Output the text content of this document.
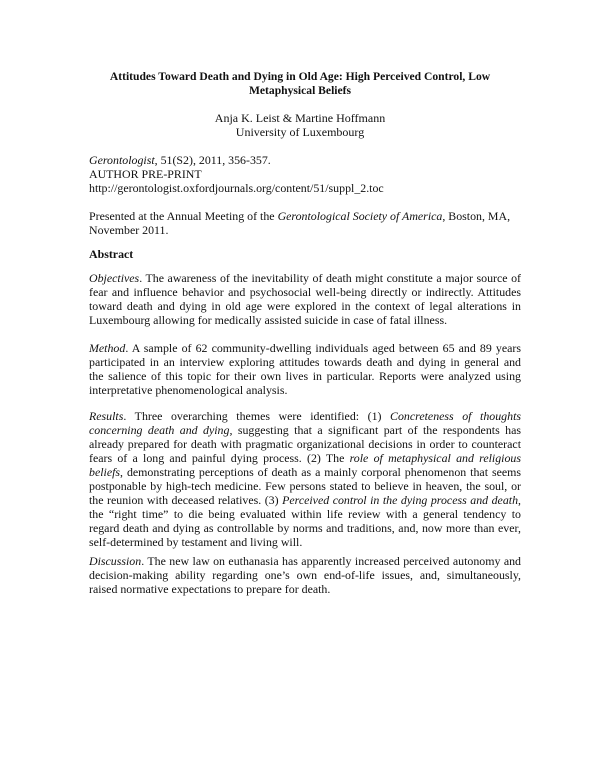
Attitudes Toward Death and Dying in Old Age: High Perceived Control, Low
Metaphysical Beliefs
Anja K. Leist & Martine Hoffmann
University of Luxembourg
Gerontologist, 51(S2), 2011, 356-357.
AUTHOR PRE-PRINT
http://gerontologist.oxfordjournals.org/content/51/suppl_2.toc
Presented at the Annual Meeting of the Gerontological Society of America, Boston, MA,
November 2011.
Abstract
Objectives. The awareness of the inevitability of death might constitute a major source of
fear and influence behavior and psychosocial well-being directly or indirectly. Attitudes
toward death and dying in old age were explored in the context of legal alterations in
Luxembourg allowing for medically assisted suicide in case of fatal illness.
Method. A sample of 62 community-dwelling individuals aged between 65 and 89 years
participated in an interview exploring attitudes towards death and dying in general and
the salience of this topic for their own lives in particular. Reports were analyzed using
interpretative phenomenological analysis.
Results. Three overarching themes were identified: (1) Concreteness of thoughts
concerning death and dying, suggesting that a significant part of the respondents has
already prepared for death with pragmatic organizational decisions in order to counteract
fears of a long and painful dying process. (2) The role of metaphysical and religious
beliefs, demonstrating perceptions of death as a mainly corporal phenomenon that seems
postponable by high-tech medicine. Few persons stated to believe in heaven, the soul, or
the reunion with deceased relatives. (3) Perceived control in the dying process and death,
the “right time” to die being evaluated within life review with a general tendency to
regard death and dying as controllable by norms and traditions, and, now more than ever,
self-determined by testament and living will.
Discussion. The new law on euthanasia has apparently increased perceived autonomy and
decision-making ability regarding one’s own end-of-life issues, and, simultaneously,
raised normative expectations to prepare for death.
